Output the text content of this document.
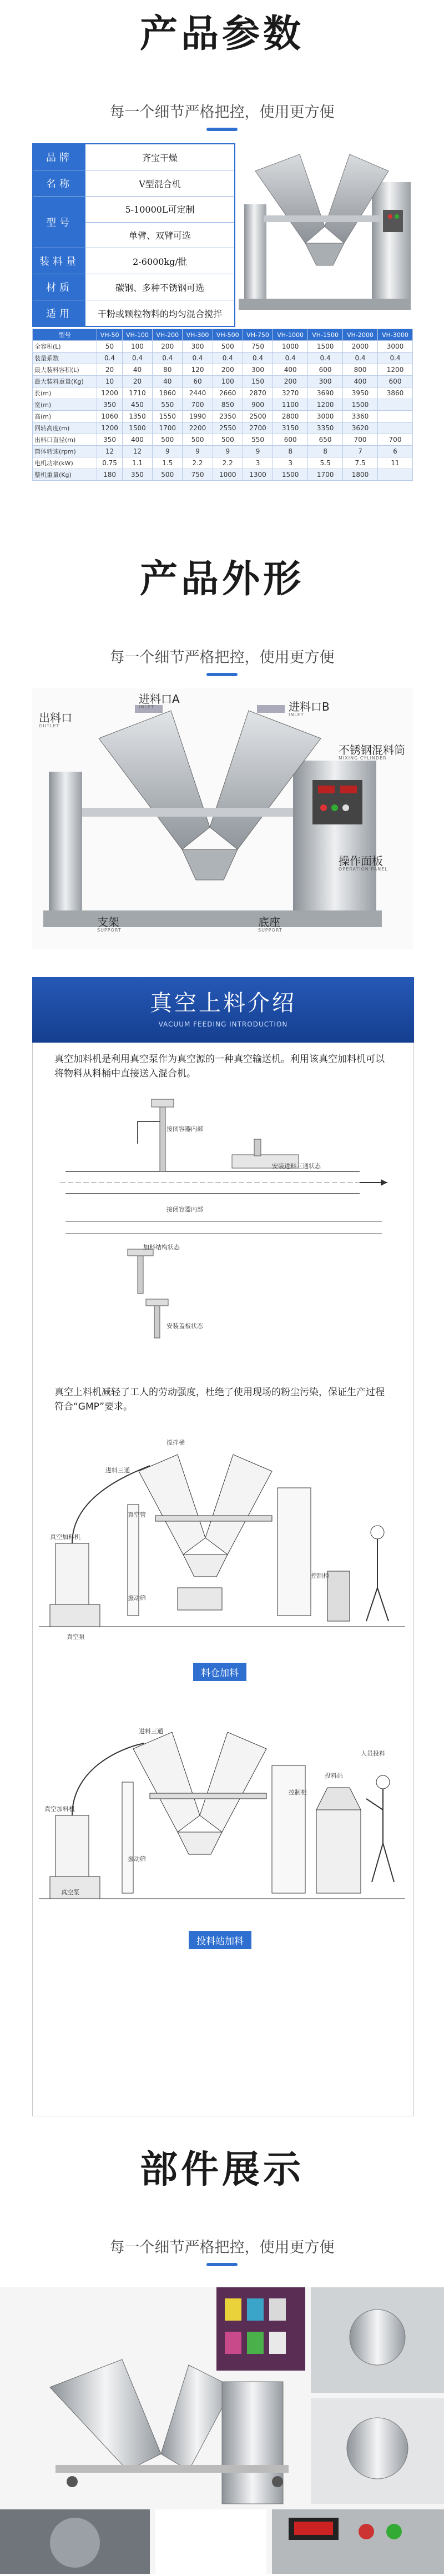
产品参数
每一个细节严格把控，使用更方便
品牌	齐宝干燥
名称	V型混合机
型号
5-10000L可定制
单臂、双臂可选
装料量	2-6000kg/批
材质	碳钢、多种不锈钢可选
适用	干粉或颗粒物料的均匀混合搅拌
型号	VH-50	VH-100	VH-200	VH-300	VH-500	VH-750	VH-1000	VH-1500	VH-2000	VH-3000
全容积(L)	50	100	200	300	500	750	1000	1500	2000	3000
装量系数	0.4	0.4	0.4	0.4	0.4	0.4	0.4	0.4	0.4	0.4
最大装料容积(L)	20	40	80	120	200	300	400	600	800	1200
最大装料重量(Kg)	10	20	40	60	100	150	200	300	400	600
长(m)	1200	1710	1860	2440	2660	2870	3270	3690	3950	3860
宽(m)	350	450	550	700	850	900	1100	1200	1500	
高(m)	1060	1350	1550	1990	2350	2500	2800	3000	3360	
回转高度(m)	1200	1500	1700	2200	2550	2700	3150	3350	3620	
出料口直径(m)	350	400	500	500	500	550	600	650	700	700
筒体转速(rpm)	12	12	9	9	9	9	8	8	7	6
电机功率(kW)	0.75	1.1	1.5	2.2	2.2	3	3	5.5	7.5	11
整机重量(Kg)	180	350	500	750	1000	1300	1500	1700	1800	
产品外形
每一个细节严格把控，使用更方便
进料口A
INLET	进料口B
INLET
出料口
OUTLET
不锈钢混料筒
MIXING CYLINDER
操作面板
OPERATION PANEL
支架
SUPPORT
底座
SUPPORT
真空上料介绍
VACUUM FEEDING INTRODUCTION
真空加料机是利用真空泵作为真空源的一种真空输送机。利用该真空加料机可以将物料从料桶中直接送入混合机。
接闭容器内部
安装进料三通状态
接闭容器内部
加料结构状态
安装盖板状态
真空上料机减轻了工人的劳动强度，杜绝了使用现场的粉尘污染，保证生产过程符合“GMP”要求。
搅拌桶
真空加料机
进料三通
振动筛
控制柜
真空泵
真空管
料仓加料
进料三通
真空加料机
振动筛
控制柜
投料站
真空泵
人员投料
投料站加料
部件展示
每一个细节严格把控，使用更方便
